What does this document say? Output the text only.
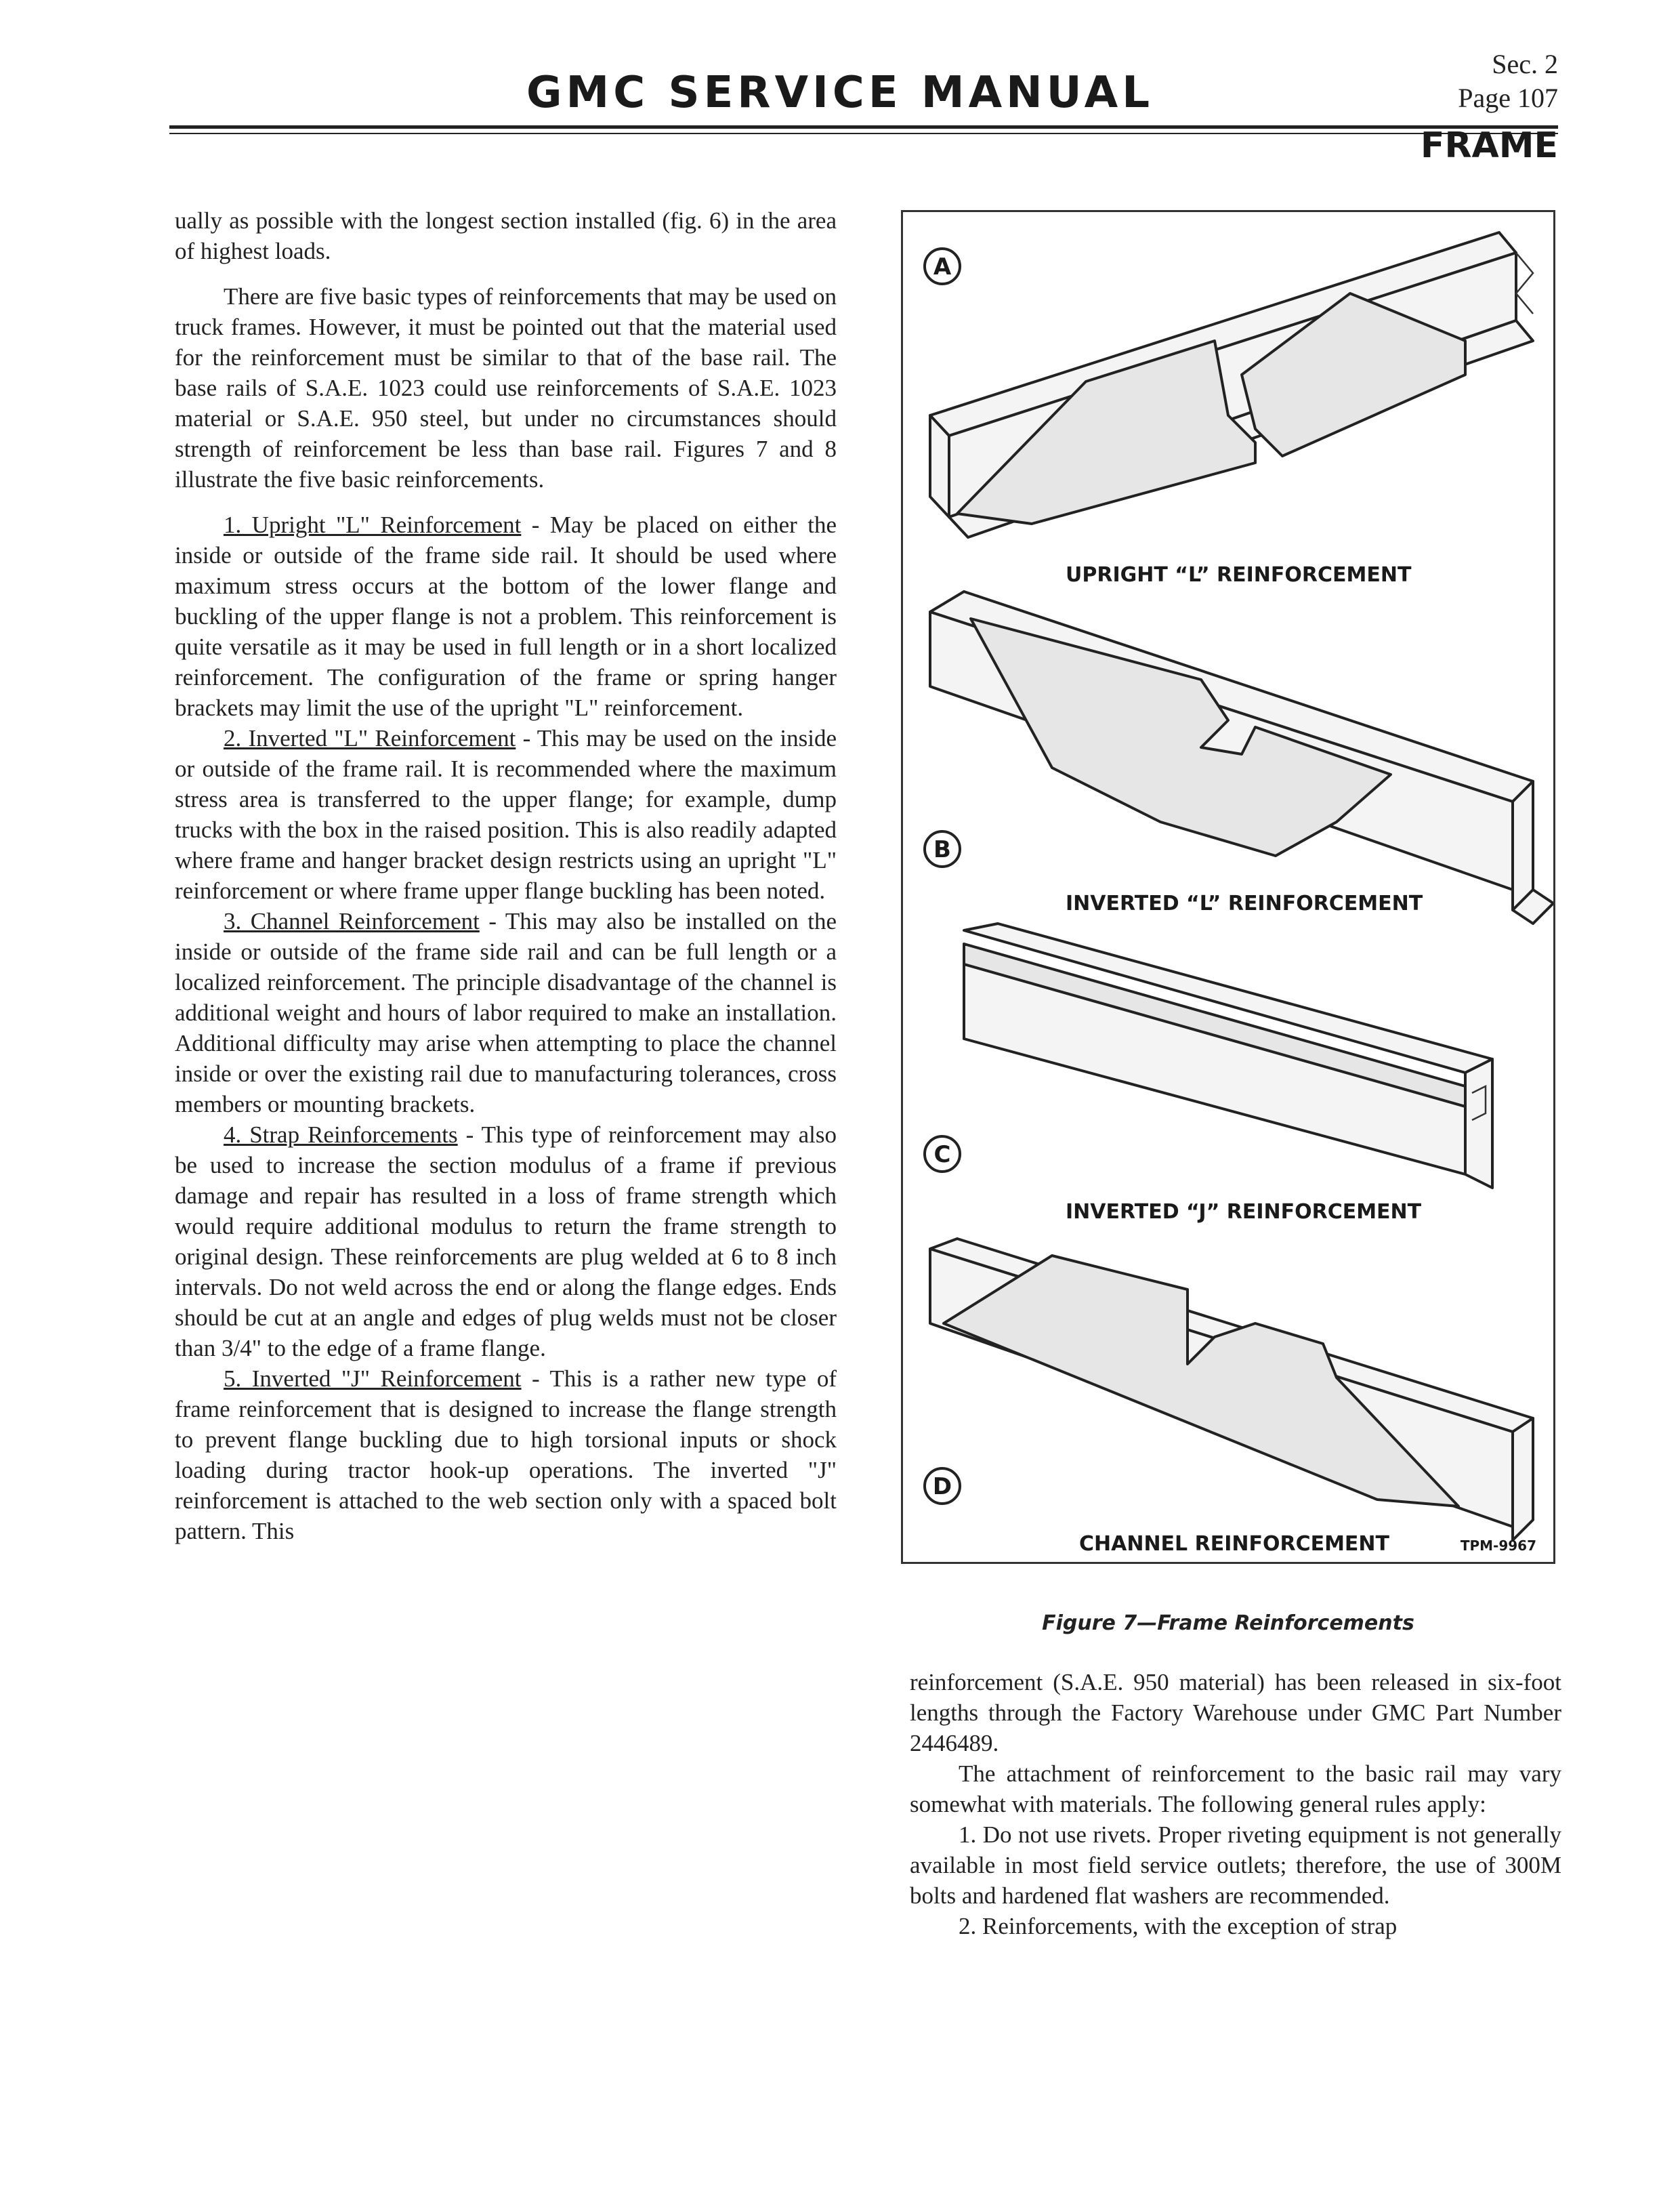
GMC SERVICE MANUAL
Sec. 2
Page 107
FRAME

ually as possible with the longest section installed (fig. 6) in the area of highest loads.

There are five basic types of reinforcements that may be used on truck frames. However, it must be pointed out that the material used for the reinforcement must be similar to that of the base rail. The base rails of S.A.E. 1023 could use reinforcements of S.A.E. 1023 material or S.A.E. 950 steel, but under no circumstances should strength of reinforcement be less than base rail. Figures 7 and 8 illustrate the five basic reinforcements.

1. Upright "L" Reinforcement - May be placed on either the inside or outside of the frame side rail. It should be used where maximum stress occurs at the bottom of the lower flange and buckling of the upper flange is not a problem. This reinforcement is quite versatile as it may be used in full length or in a short localized reinforcement. The configuration of the frame or spring hanger brackets may limit the use of the upright "L" reinforcement.

2. Inverted "L" Reinforcement - This may be used on the inside or outside of the frame rail. It is recommended where the maximum stress area is transferred to the upper flange; for example, dump trucks with the box in the raised position. This is also readily adapted where frame and hanger bracket design restricts using an upright "L" reinforcement or where frame upper flange buckling has been noted.

3. Channel Reinforcement - This may also be installed on the inside or outside of the frame side rail and can be full length or a localized reinforcement. The principle disadvantage of the channel is additional weight and hours of labor required to make an installation. Additional difficulty may arise when attempting to place the channel inside or over the existing rail due to manufacturing tolerances, cross members or mounting brackets.

4. Strap Reinforcements - This type of reinforcement may also be used to increase the section modulus of a frame if previous damage and repair has resulted in a loss of frame strength which would require additional modulus to return the frame strength to original design. These reinforcements are plug welded at 6 to 8 inch intervals. Do not weld across the end or along the flange edges. Ends should be cut at an angle and edges of plug welds must not be closer than 3/4" to the edge of a frame flange.

5. Inverted "J" Reinforcement - This is a rather new type of frame reinforcement that is designed to increase the flange strength to prevent flange buckling due to high torsional inputs or shock loading during tractor hook-up operations. The inverted "J" reinforcement is attached to the web section only with a spaced bolt pattern. This

A
UPRIGHT “L” REINFORCEMENT
B
INVERTED “L” REINFORCEMENT
C
INVERTED “J” REINFORCEMENT
D
CHANNEL REINFORCEMENT	TPM-9967
Figure 7—Frame Reinforcements

reinforcement (S.A.E. 950 material) has been released in six-foot lengths through the Factory Warehouse under GMC Part Number 2446489.

The attachment of reinforcement to the basic rail may vary somewhat with materials. The following general rules apply:

1. Do not use rivets. Proper riveting equipment is not generally available in most field service outlets; therefore, the use of 300M bolts and hardened flat washers are recommended.

2. Reinforcements, with the exception of strap
